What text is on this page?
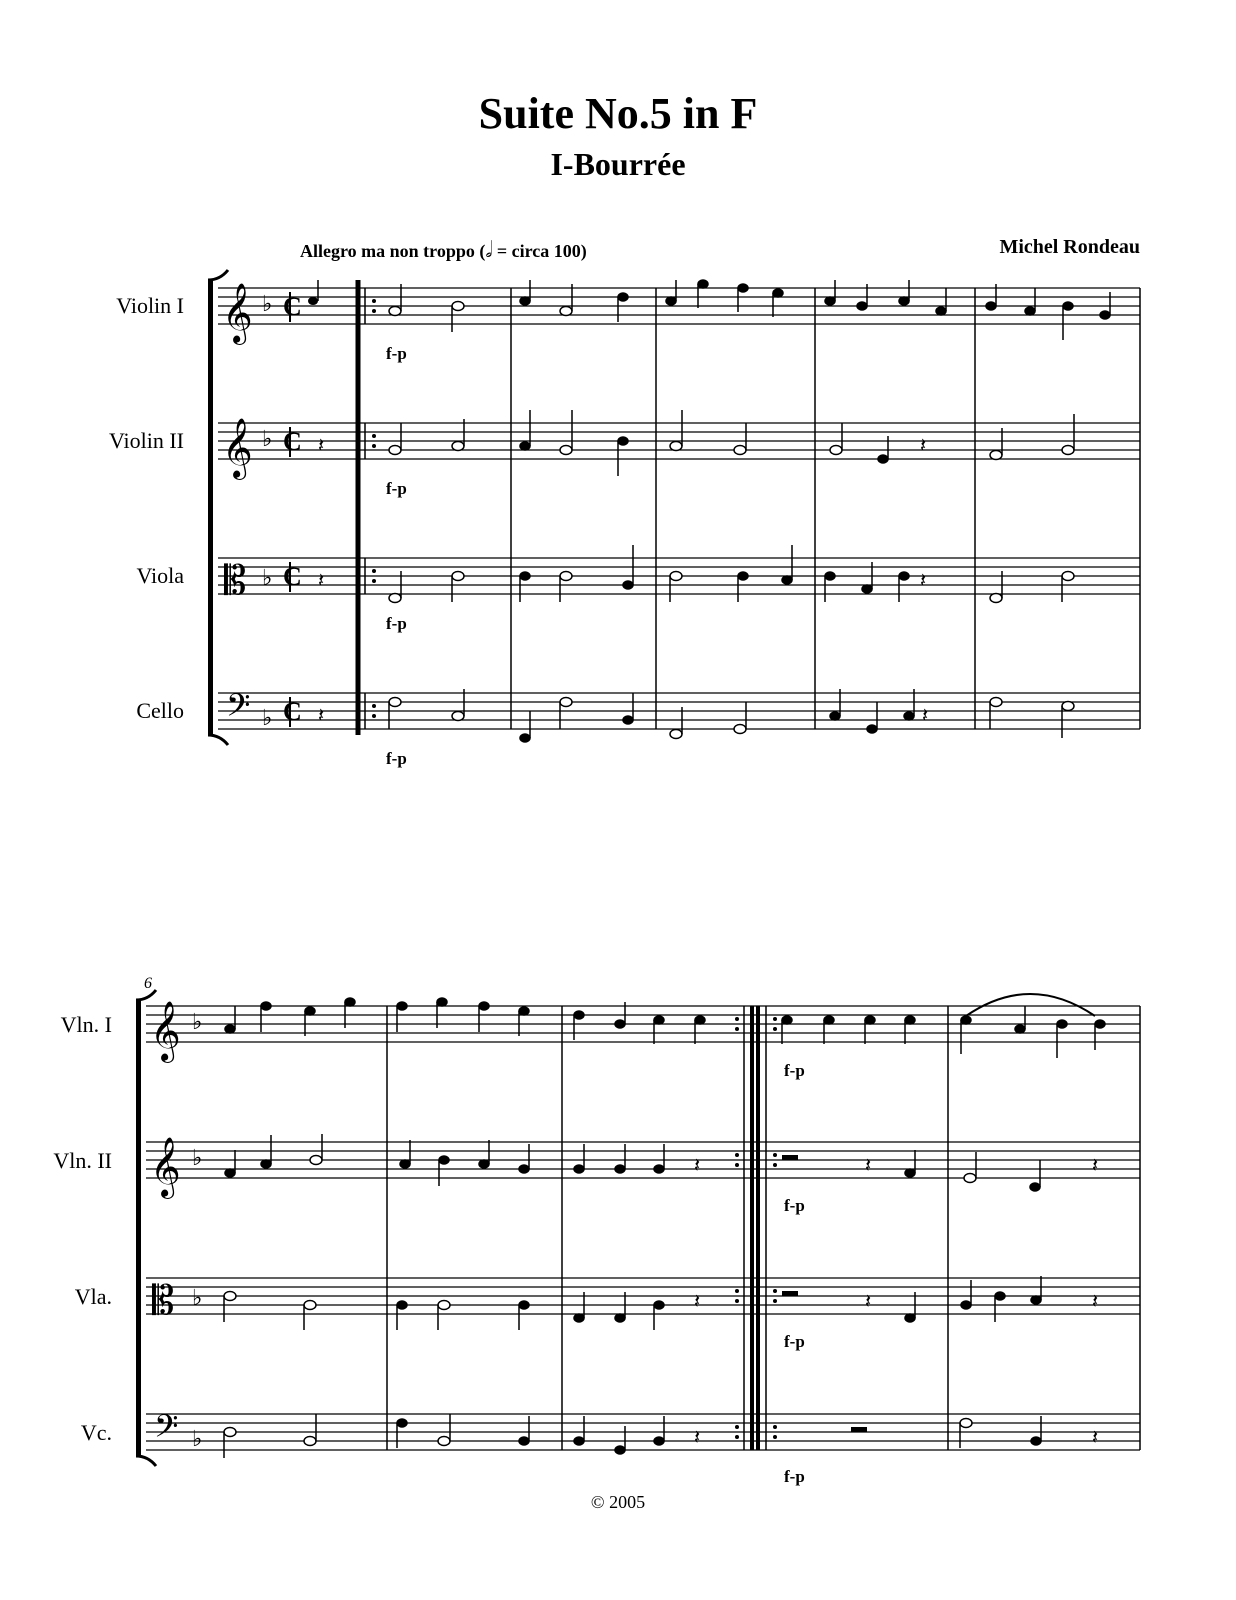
Suite No.5 in F
I-Bourrée
Allegro ma non troppo (𝅗𝅥 = circa 100)	Michel Rondeau
Violin I
Violin II
Viola
Cello
𝄞
𝄞
𝄡
𝄢
♭
♭
♭
♭
C
C
C
C
𝄽
𝄽
𝄽
𝄽
𝄽
𝄽
f-p
f-p
f-p
f-p
6
Vln. I
Vln. II
Vla.
Vc.
𝄞
𝄞
𝄡
𝄢
♭
♭
♭
♭
𝄽
𝄽
𝄽
𝄽
𝄽
𝄽
𝄽
𝄽
f-p
f-p
f-p
f-p
© 2005
